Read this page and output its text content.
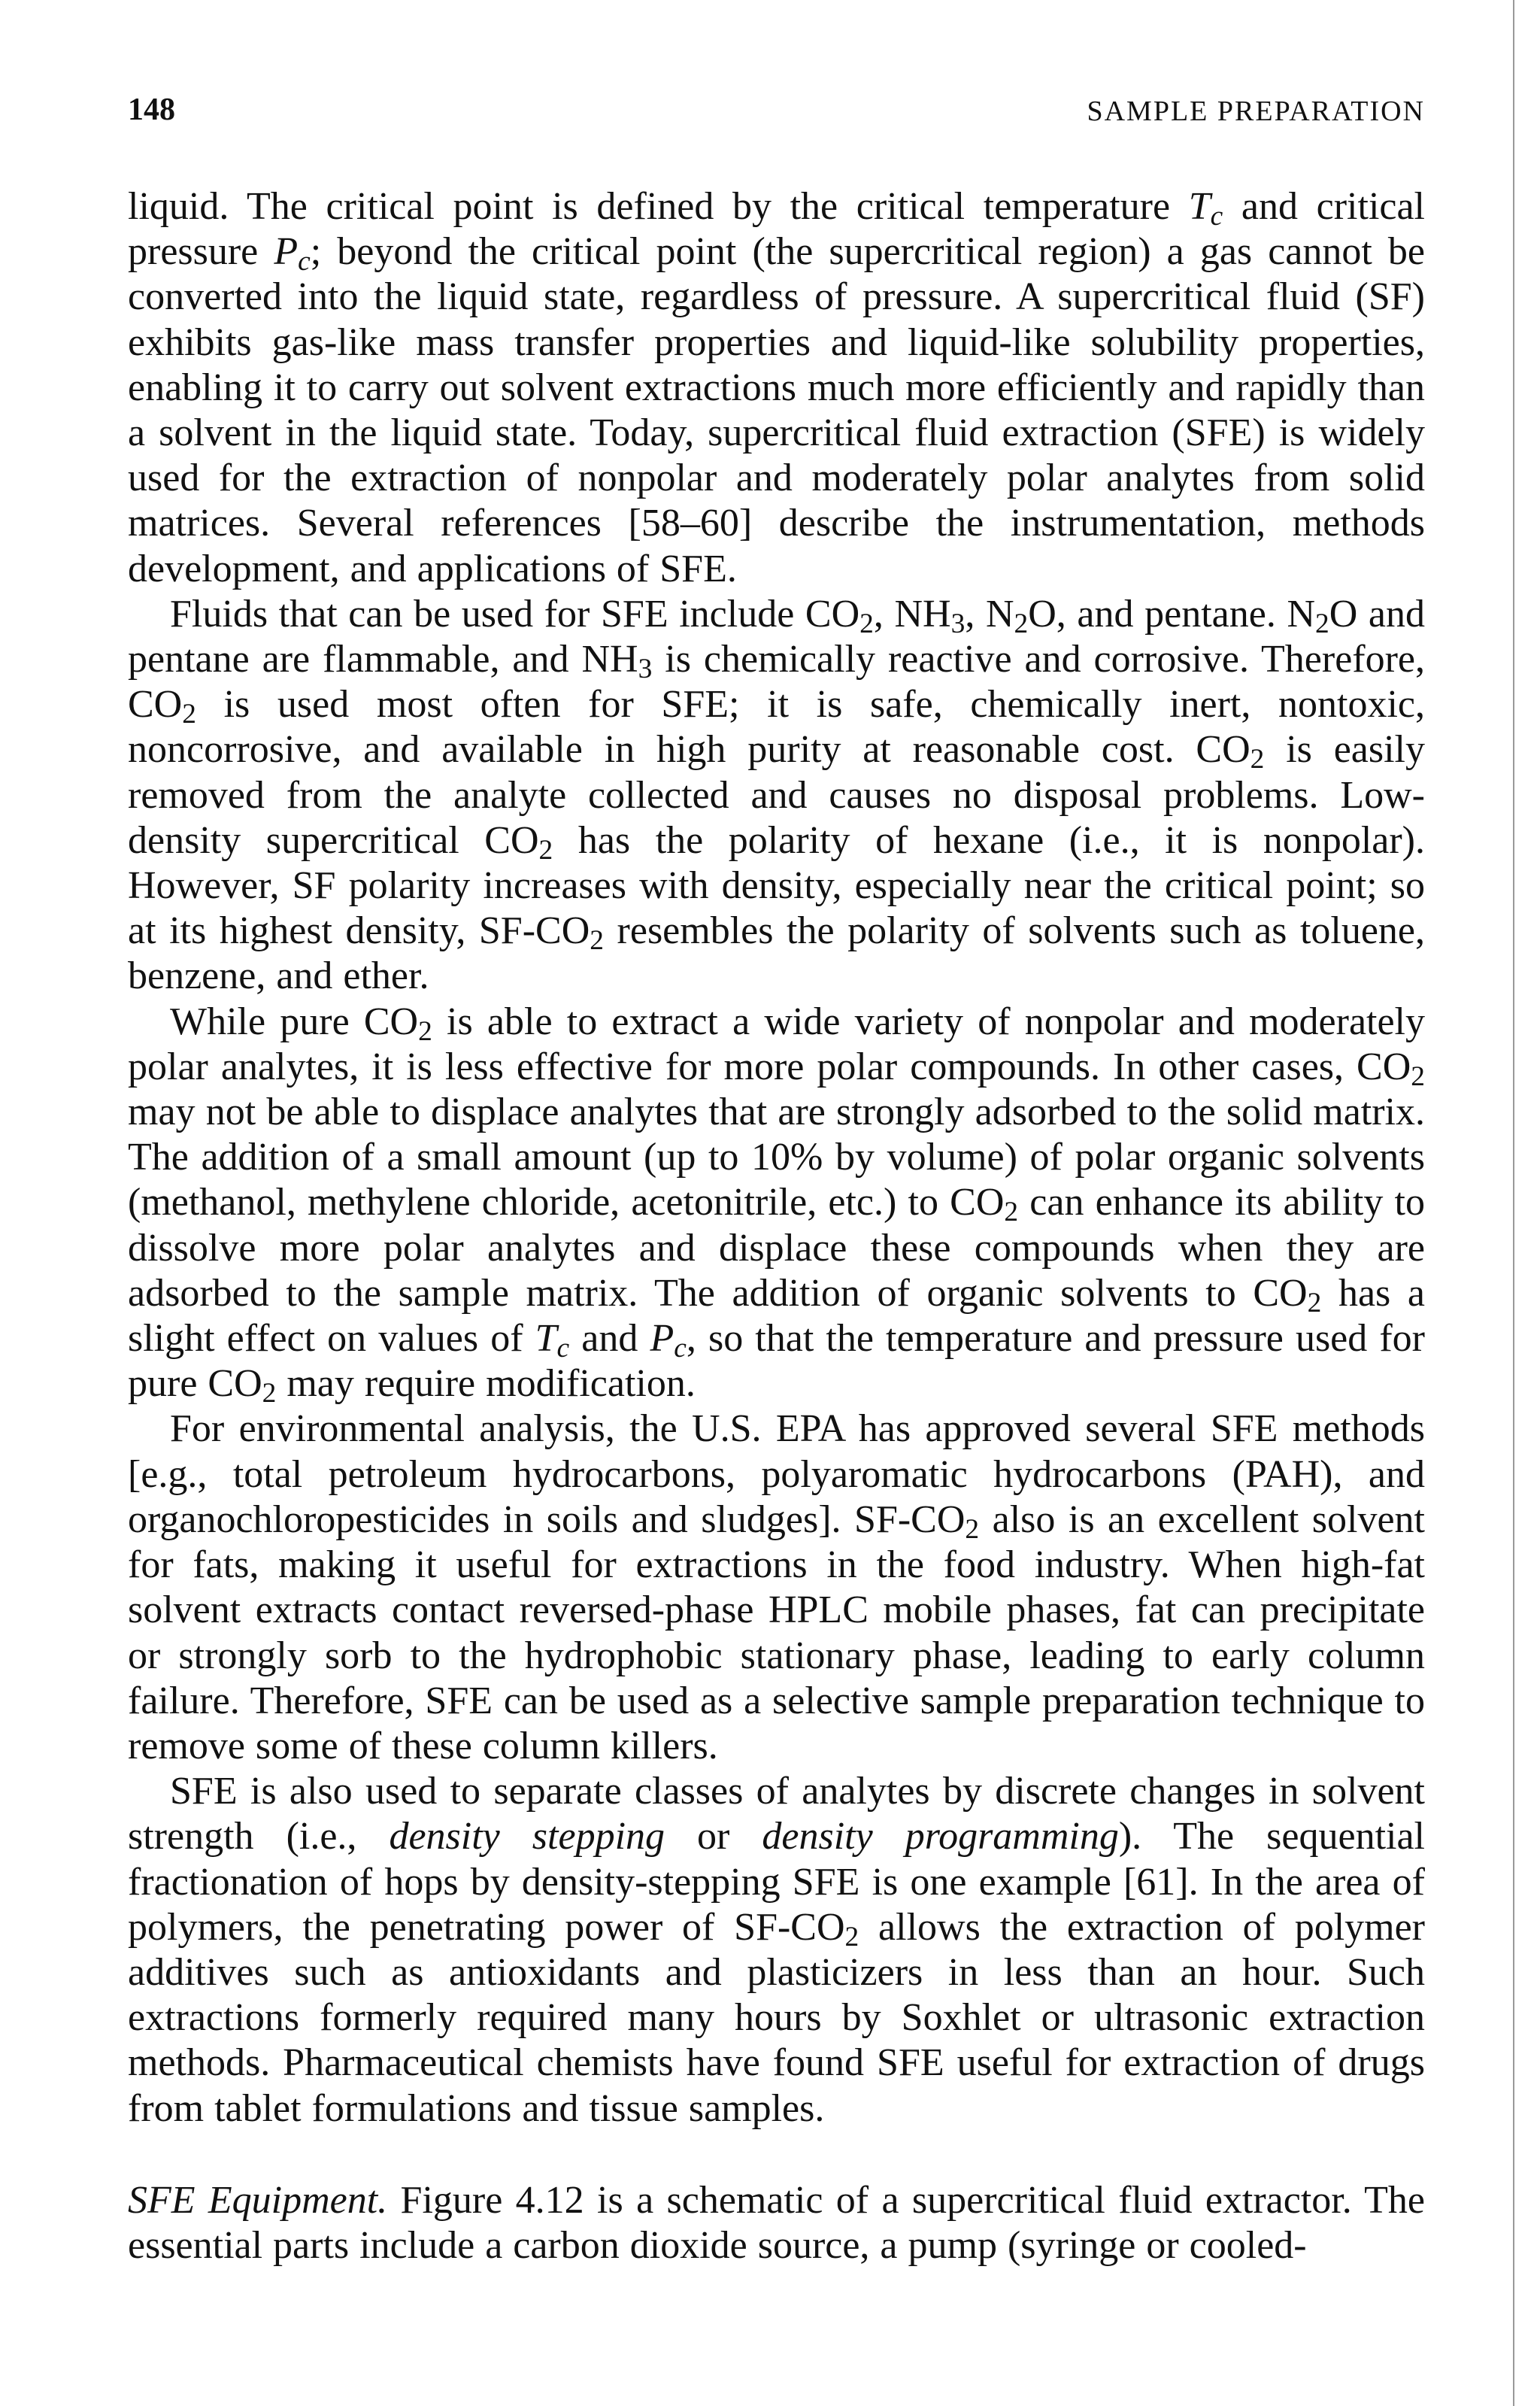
148	SAMPLE PREPARATION

liquid. The critical point is defined by the critical temperature $T_c$ and critical pressure $P_c$; beyond the critical point (the supercritical region) a gas cannot be converted into the liquid state, regardless of pressure. A supercritical fluid (SF) exhibits gas-like mass transfer properties and liquid-like solubility properties, enabling it to carry out solvent extractions much more efficiently and rapidly than a solvent in the liquid state. Today, supercritical fluid extraction (SFE) is widely used for the extraction of nonpolar and moderately polar analytes from solid matrices. Several references [58–60] describe the instrumentation, methods development, and applications of SFE.

Fluids that can be used for SFE include $CO_2$, $NH_3$, $N_2O$, and pentane. $N_2O$ and pentane are flammable, and $NH_3$ is chemically reactive and corrosive. Therefore, $CO_2$ is used most often for SFE; it is safe, chemically inert, nontoxic, noncorrosive, and available in high purity at reasonable cost. $CO_2$ is easily removed from the analyte collected and causes no disposal problems. Low-density supercritical $CO_2$ has the polarity of hexane (i.e., it is nonpolar). However, SF polarity increases with density, especially near the critical point; so at its highest density, $SF-CO_2$ resembles the polarity of solvents such as toluene, benzene, and ether.

While pure $CO_2$ is able to extract a wide variety of nonpolar and moderately polar analytes, it is less effective for more polar compounds. In other cases, $CO_2$ may not be able to displace analytes that are strongly adsorbed to the solid matrix. The addition of a small amount (up to 10% by volume) of polar organic solvents (methanol, methylene chloride, acetonitrile, etc.) to $CO_2$ can enhance its ability to dissolve more polar analytes and displace these compounds when they are adsorbed to the sample matrix. The addition of organic solvents to $CO_2$ has a slight effect on values of $T_c$ and $P_c$, so that the temperature and pressure used for pure $CO_2$ may require modification.

For environmental analysis, the U.S. EPA has approved several SFE methods [e.g., total petroleum hydrocarbons, polyaromatic hydrocarbons (PAH), and organochloropesticides in soils and sludges]. $SF-CO_2$ also is an excellent solvent for fats, making it useful for extractions in the food industry. When high-fat solvent extracts contact reversed-phase HPLC mobile phases, fat can precipitate or strongly sorb to the hydrophobic stationary phase, leading to early column failure. Therefore, SFE can be used as a selective sample preparation technique to remove some of these column killers.

SFE is also used to separate classes of analytes by discrete changes in solvent strength (i.e., density stepping or density programming). The sequential fractionation of hops by density-stepping SFE is one example [61]. In the area of polymers, the penetrating power of $SF-CO_2$ allows the extraction of polymer additives such as antioxidants and plasticizers in less than an hour. Such extractions formerly required many hours by Soxhlet or ultrasonic extraction methods. Pharmaceutical chemists have found SFE useful for extraction of drugs from tablet formulations and tissue samples.

SFE Equipment. Figure 4.12 is a schematic of a supercritical fluid extractor. The essential parts include a carbon dioxide source, a pump (syringe or cooled-
